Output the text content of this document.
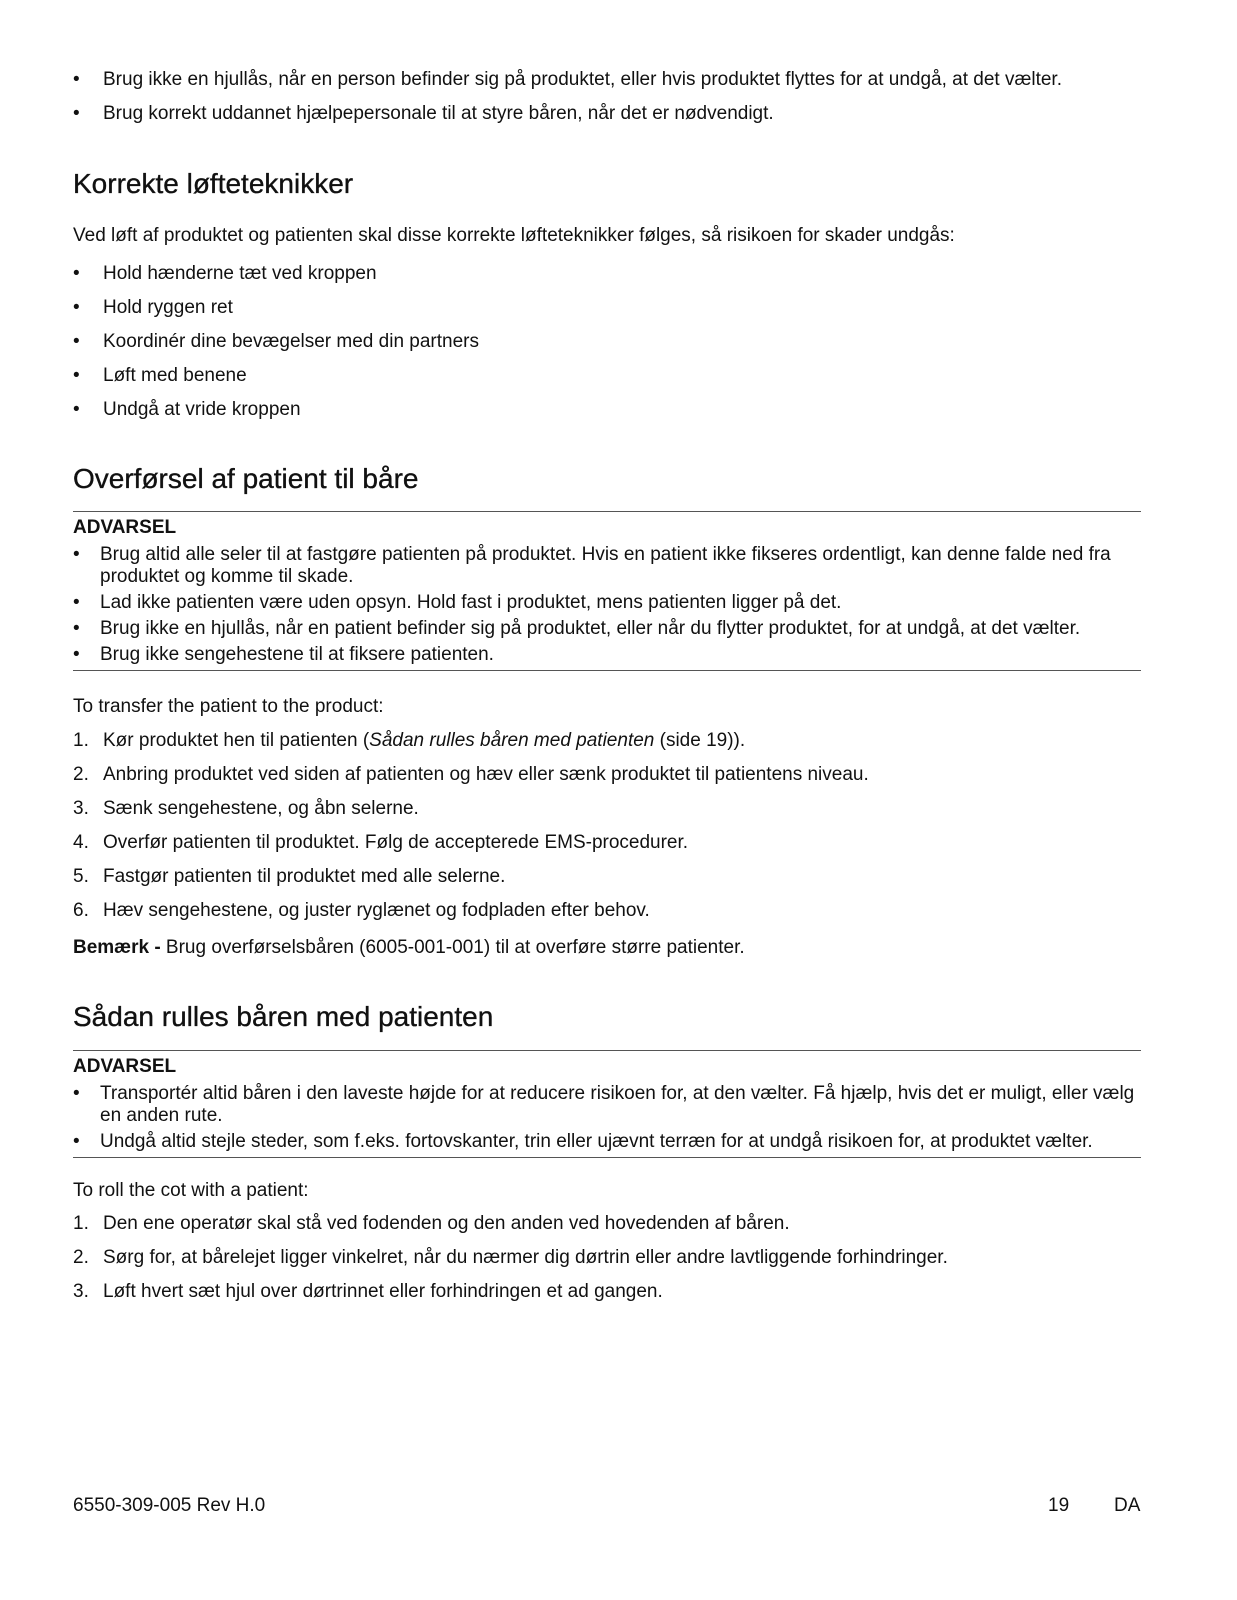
• Brug ikke en hjullås, når en person befinder sig på produktet, eller hvis produktet flyttes for at undgå, at det vælter.
• Brug korrekt uddannet hjælpepersonale til at styre båren, når det er nødvendigt.
Korrekte løfteteknikker

Ved løft af produktet og patienten skal disse korrekte løfteteknikker følges, så risikoen for skader undgås:

• Hold hænderne tæt ved kroppen
• Hold ryggen ret
• Koordinér dine bevægelser med din partners
• Løft med benene
• Undgå at vride kroppen
Overførsel af patient til båre
ADVARSEL
• Brug altid alle seler til at fastgøre patienten på produktet. Hvis en patient ikke fikseres ordentligt, kan denne falde ned fra produktet og komme til skade.
• Lad ikke patienten være uden opsyn. Hold fast i produktet, mens patienten ligger på det.
• Brug ikke en hjullås, når en patient befinder sig på produktet, eller når du flytter produktet, for at undgå, at det vælter.
• Brug ikke sengehestene til at fiksere patienten.

To transfer the patient to the product:

1. Kør produktet hen til patienten (Sådan rulles båren med patienten (side 19)).
2. Anbring produktet ved siden af patienten og hæv eller sænk produktet til patientens niveau.
3. Sænk sengehestene, og åbn selerne.
4. Overfør patienten til produktet. Følg de accepterede EMS-procedurer.
5. Fastgør patienten til produktet med alle selerne.
6. Hæv sengehestene, og juster ryglænet og fodpladen efter behov.

Bemærk - Brug overførselsbåren (6005-001-001) til at overføre større patienter.

Sådan rulles båren med patienten
ADVARSEL
• Transportér altid båren i den laveste højde for at reducere risikoen for, at den vælter. Få hjælp, hvis det er muligt, eller vælg en anden rute.
• Undgå altid stejle steder, som f.eks. fortovskanter, trin eller ujævnt terræn for at undgå risikoen for, at produktet vælter.

To roll the cot with a patient:

1. Den ene operatør skal stå ved fodenden og den anden ved hovedenden af båren.
2. Sørg for, at bårelejet ligger vinkelret, når du nærmer dig dørtrin eller andre lavtliggende forhindringer.
3. Løft hvert sæt hjul over dørtrinnet eller forhindringen et ad gangen.
6550-309-005 Rev H.0	19 DA
